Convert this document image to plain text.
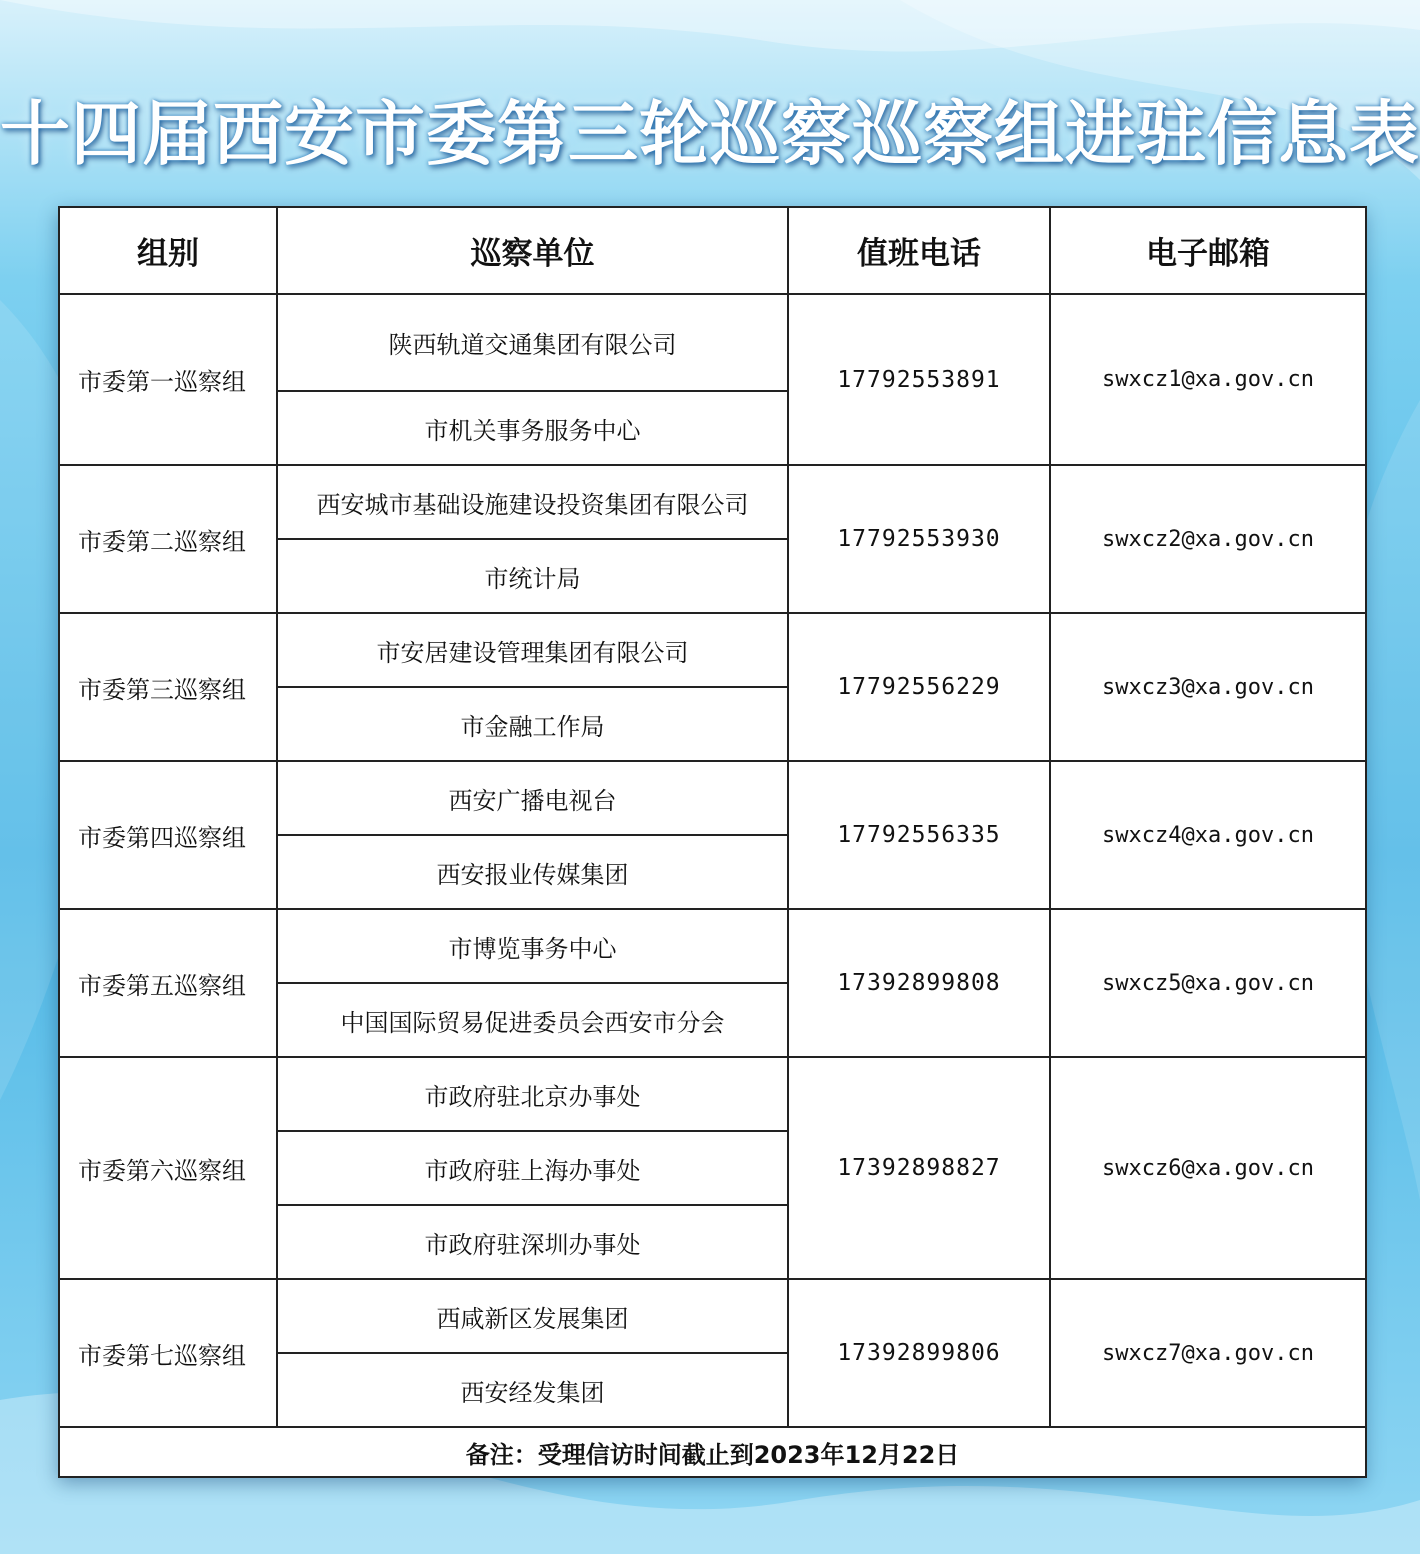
十四届西安市委第三轮巡察巡察组进驻信息表
组别	巡察单位	值班电话	电子邮箱
市委第一巡察组	陕西轨道交通集团有限公司	17792553891	swxcz1@xa.gov.cn
	市机关事务服务中心		
市委第二巡察组	西安城市基础设施建设投资集团有限公司	17792553930	swxcz2@xa.gov.cn
	市统计局		
市委第三巡察组	市安居建设管理集团有限公司	17792556229	swxcz3@xa.gov.cn
	市金融工作局		
市委第四巡察组	西安广播电视台	17792556335	swxcz4@xa.gov.cn
	西安报业传媒集团		
市委第五巡察组	市博览事务中心	17392899808	swxcz5@xa.gov.cn
	中国国际贸易促进委员会西安市分会		
市委第六巡察组	市政府驻北京办事处	17392898827	swxcz6@xa.gov.cn
	市政府驻上海办事处		
	市政府驻深圳办事处		
市委第七巡察组	西咸新区发展集团	17392899806	swxcz7@xa.gov.cn
	西安经发集团		
备注：受理信访时间截止到2023年12月22日			
